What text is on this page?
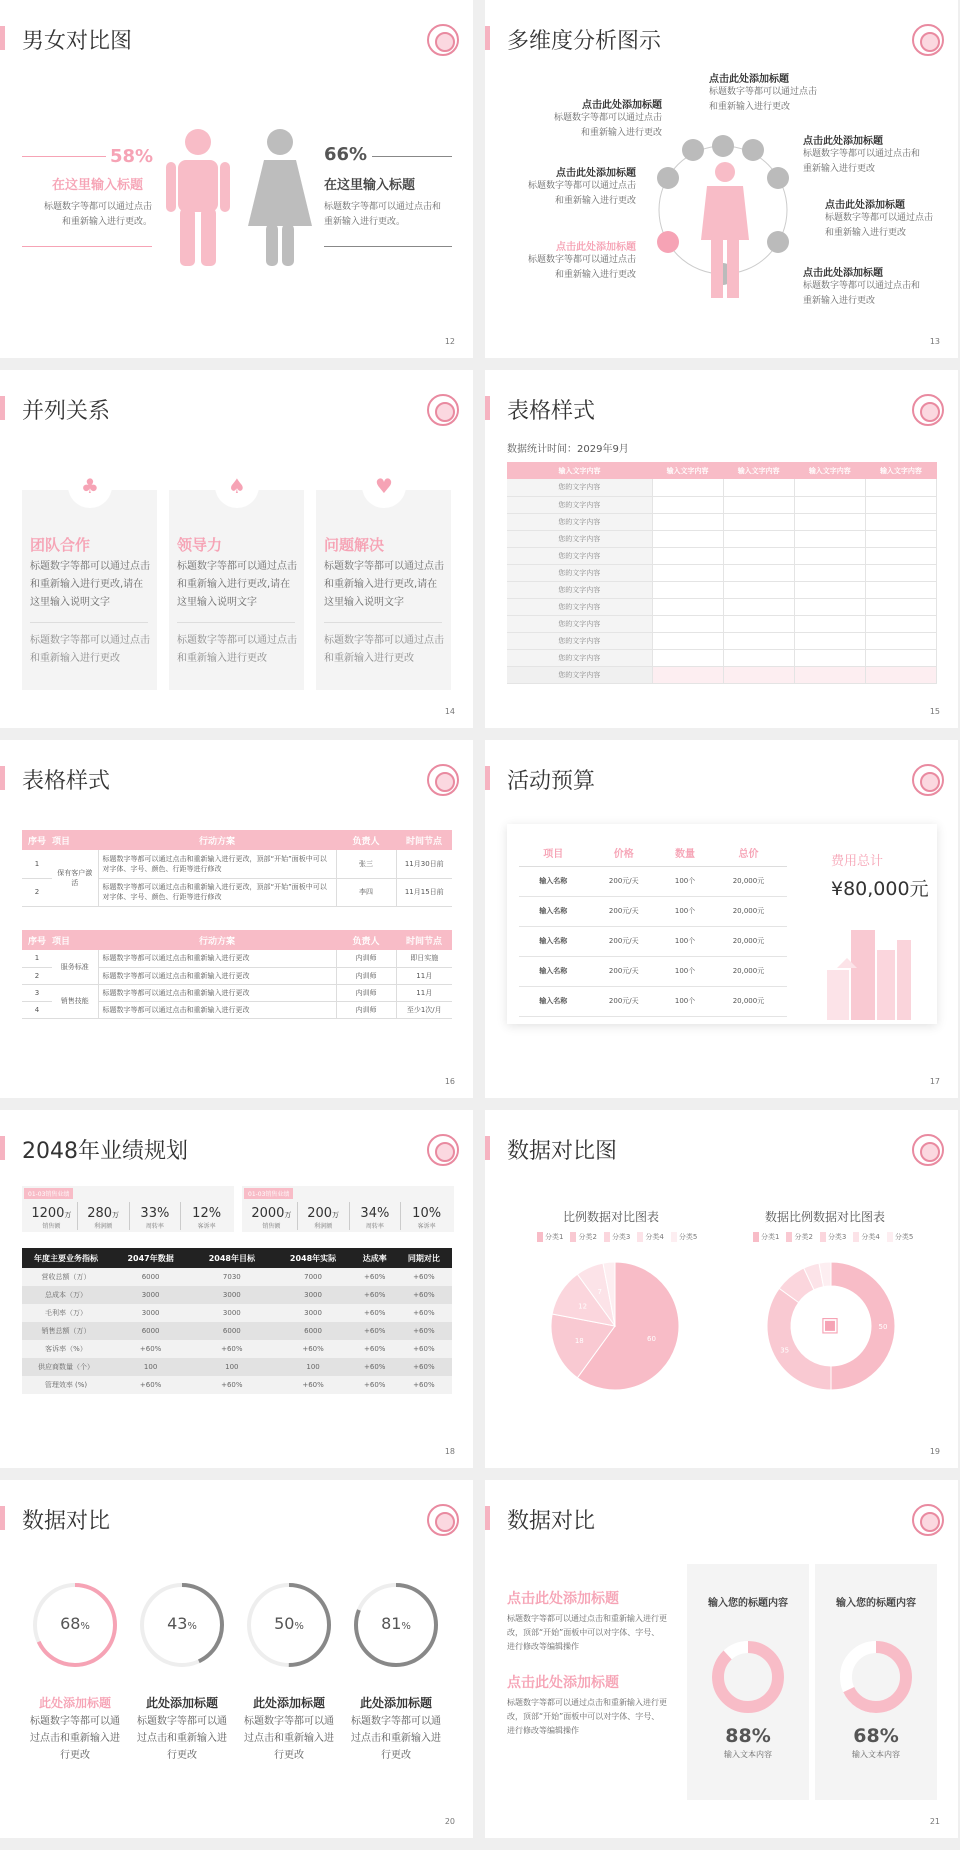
男女对比图
58%
在这里输入标题
标题数字等都可以通过点击和重新输入进行更改。
66%
在这里输入标题
标题数字等都可以通过点击和重新输入进行更改。
12
多维度分析图示
点击此处添加标题
标题数字等都可以通过点击和重新输入进行更改
点击此处添加标题
标题数字等都可以通过点击和重新输入进行更改
点击此处添加标题
标题数字等都可以通过点击和重新输入进行更改
点击此处添加标题
标题数字等都可以通过点击和重新输入进行更改
点击此处添加标题
标题数字等都可以通过点击和重新输入进行更改
点击此处添加标题
标题数字等都可以通过点击和重新输入进行更改
点击此处添加标题
标题数字等都可以通过点击和重新输入进行更改
13
并列关系
♣
团队合作
标题数字等都可以通过点击和重新输入进行更改,请在这里输入说明文字
标题数字等都可以通过点击和重新输入进行更改
♠
领导力
标题数字等都可以通过点击和重新输入进行更改,请在这里输入说明文字
标题数字等都可以通过点击和重新输入进行更改
♥
问题解决
标题数字等都可以通过点击和重新输入进行更改,请在这里输入说明文字
标题数字等都可以通过点击和重新输入进行更改
14
表格样式
数据统计时间：2029年9月
输入文字内容	输入文字内容	输入文字内容	输入文字内容	输入文字内容
您的文字内容				
您的文字内容				
您的文字内容				
您的文字内容				
您的文字内容				
您的文字内容				
您的文字内容				
您的文字内容				
您的文字内容				
您的文字内容				
您的文字内容				
您的文字内容				
15
表格样式
序号	项目	行动方案	负责人	时间节点
1	保有客户激活	标题数字等都可以通过点击和重新输入进行更改，顶部“开始”面板中可以对字体、字号、颜色、行距等进行修改	张三	11月30日前
2		标题数字等都可以通过点击和重新输入进行更改，顶部“开始”面板中可以对字体、字号、颜色、行距等进行修改	李四	11月15日前
序号	项目	行动方案	负责人	时间节点
1	服务标准	标题数字等都可以通过点击和重新输入进行更改	内训师	即日实施
2		标题数字等都可以通过点击和重新输入进行更改	内训师	11月
3	销售技能	标题数字等都可以通过点击和重新输入进行更改	内训师	11月
4		标题数字等都可以通过点击和重新输入进行更改	内训师	至少1次/月
16
活动预算
项目	价格	数量	总价
输入名称	200元/天	100个	20,000元
输入名称	200元/天	100个	20,000元
输入名称	200元/天	100个	20,000元
输入名称	200元/天	100个	20,000元
输入名称	200元/天	100个	20,000元
费用总计
¥80,000元
17
2048年业绩规划
01-03销售业绩
1200万
销售额
280万
利润额
33%
周转率
12%
客诉率
01-03销售业绩
2000万
销售额
200万
利润额
34%
周转率
10%
客诉率
年度主要业务指标	2047年数据	2048年目标	2048年实际	达成率	同期对比
营收总额（万）	6000	7030	7000	+60%	+60%
总成本（万）	3000	3000	3000	+60%	+60%
毛利率（万）	3000	3000	3000	+60%	+60%
销售总额（万）	6000	6000	6000	+60%	+60%
客诉率（%）	+60%	+60%	+60%	+60%	+60%
供应商数量（个）	100	100	100	+60%	+60%
管理效率 (%)	+60%	+60%	+60%	+60%	+60%
18
数据对比图
比例数据对比图表
分类1	分类2	分类3	分类4	分类5
60
18
12
7
数据比例数据对比图表
分类1	分类2	分类3	分类4	分类5
50
35
▣
19
数据对比
68%
此处添加标题
标题数字等都可以通过点击和重新输入进行更改
43%
此处添加标题
标题数字等都可以通过点击和重新输入进行更改
50%
此处添加标题
标题数字等都可以通过点击和重新输入进行更改
81%
此处添加标题
标题数字等都可以通过点击和重新输入进行更改
20
数据对比
点击此处添加标题
标题数字等都可以通过点击和重新输入进行更改，顶部“开始”面板中可以对字体、字号、进行修改等编辑操作
点击此处添加标题
标题数字等都可以通过点击和重新输入进行更改，顶部“开始”面板中可以对字体、字号、进行修改等编辑操作
输入您的标题内容
88%
输入文本内容
输入您的标题内容
68%
输入文本内容
21
